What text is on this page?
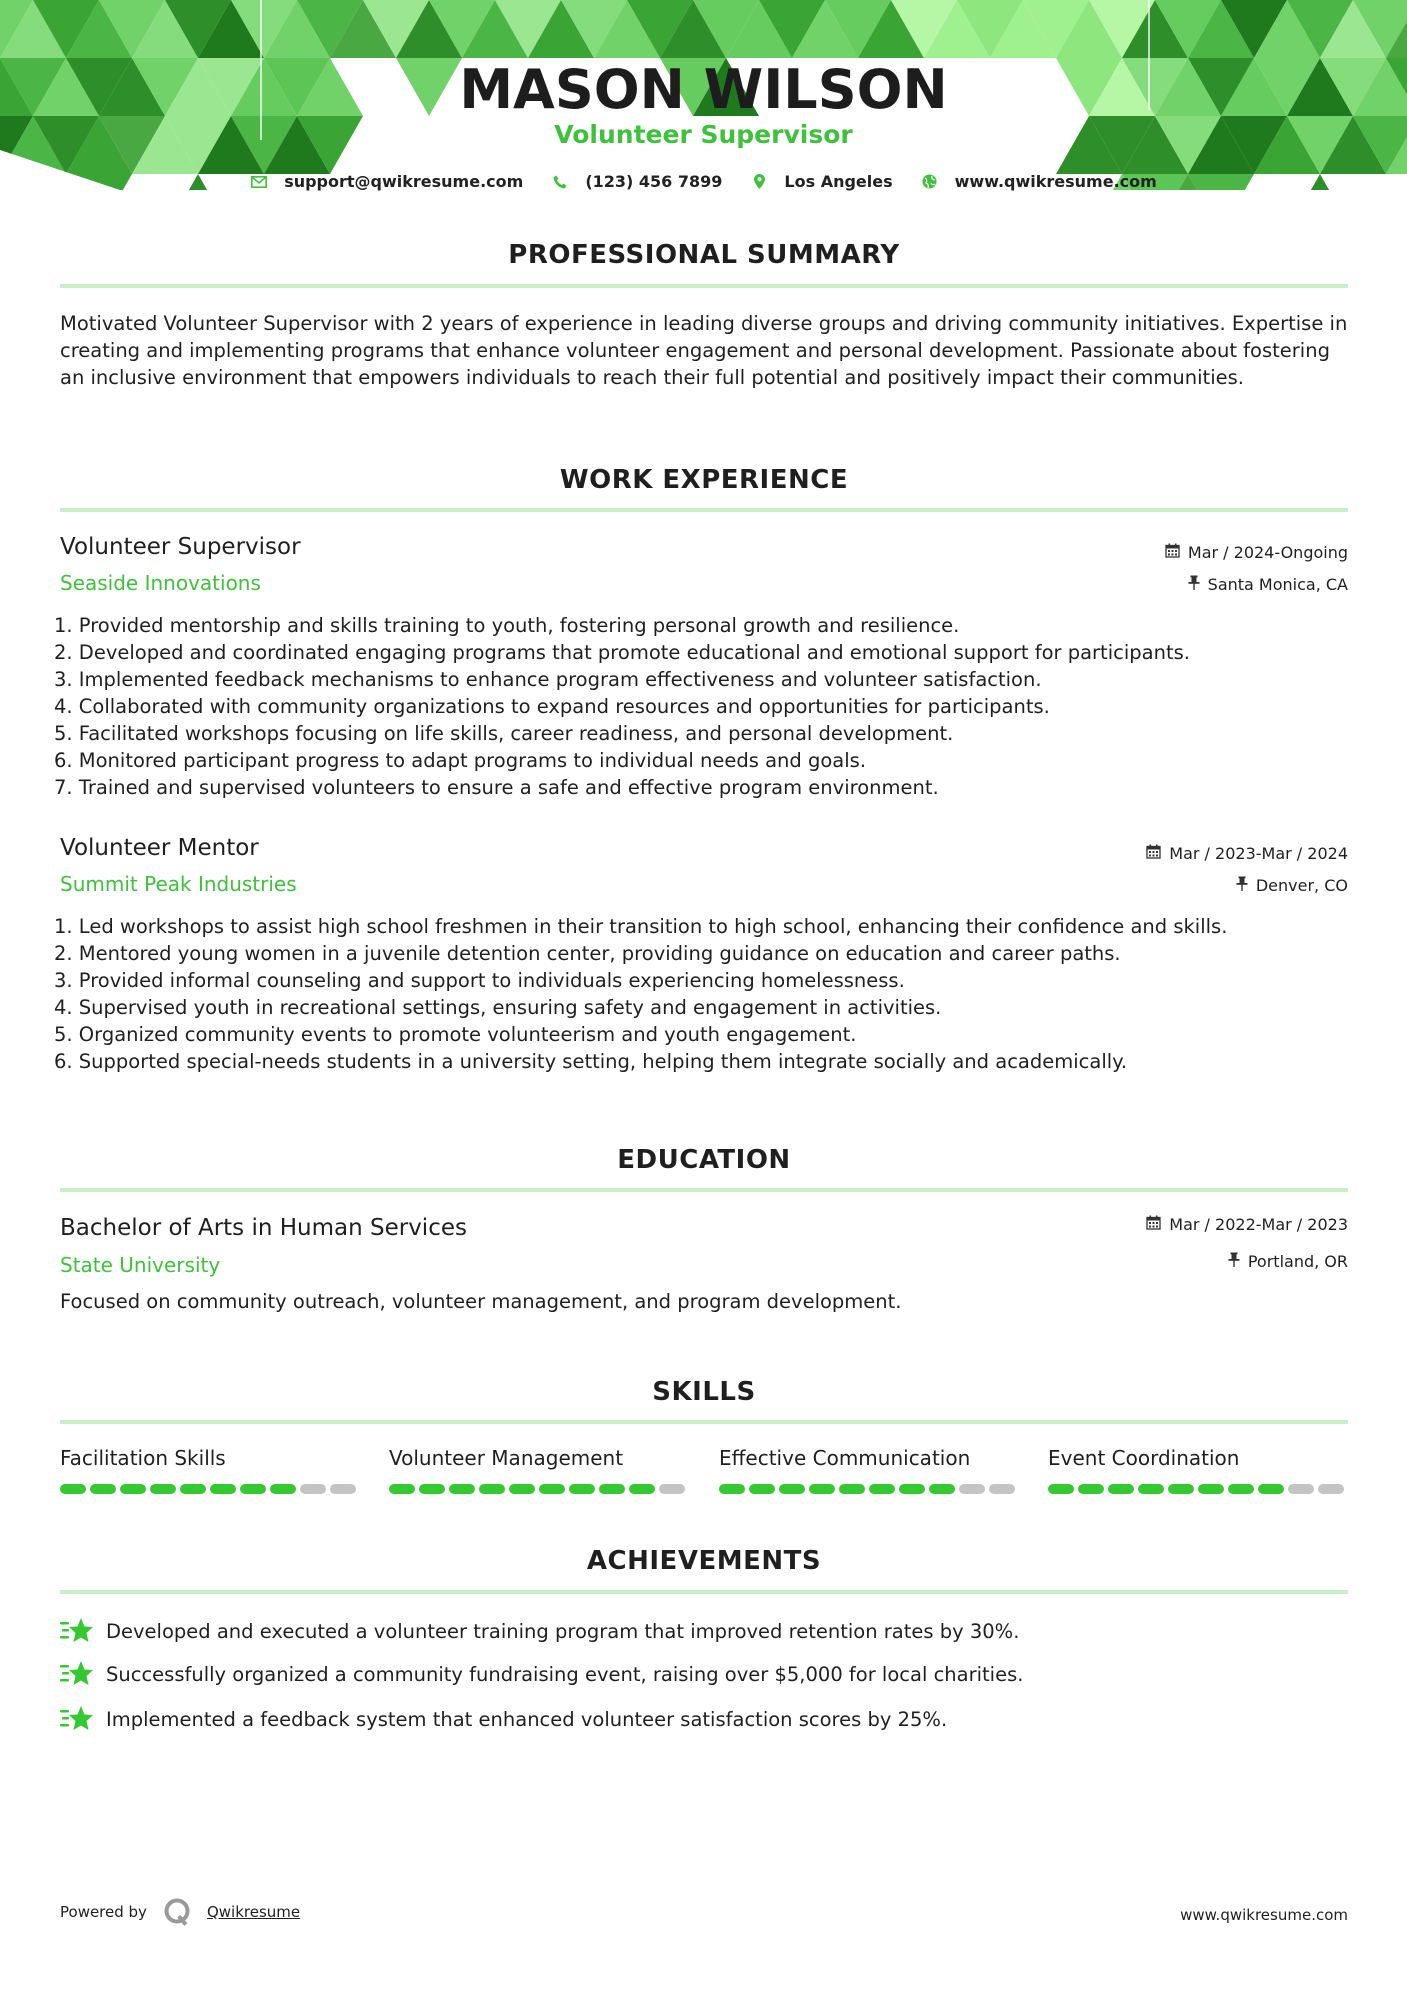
MASON WILSON
Volunteer Supervisor
support@qwikresume.com	(123) 456 7899	Los Angeles	www.qwikresume.com
PROFESSIONAL SUMMARY
Motivated Volunteer Supervisor with 2 years of experience in leading diverse groups and driving community initiatives. Expertise in creating and implementing programs that enhance volunteer engagement and personal development. Passionate about fostering an inclusive environment that empowers individuals to reach their full potential and positively impact their communities.
WORK EXPERIENCE
Volunteer Supervisor	Mar / 2024-Ongoing
Seaside Innovations	Santa Monica, CA
1. Provided mentorship and skills training to youth, fostering personal growth and resilience.
2. Developed and coordinated engaging programs that promote educational and emotional support for participants.
3. Implemented feedback mechanisms to enhance program effectiveness and volunteer satisfaction.
4. Collaborated with community organizations to expand resources and opportunities for participants.
5. Facilitated workshops focusing on life skills, career readiness, and personal development.
6. Monitored participant progress to adapt programs to individual needs and goals.
7. Trained and supervised volunteers to ensure a safe and effective program environment.
Volunteer Mentor	Mar / 2023-Mar / 2024
Summit Peak Industries	Denver, CO
1. Led workshops to assist high school freshmen in their transition to high school, enhancing their confidence and skills.
2. Mentored young women in a juvenile detention center, providing guidance on education and career paths.
3. Provided informal counseling and support to individuals experiencing homelessness.
4. Supervised youth in recreational settings, ensuring safety and engagement in activities.
5. Organized community events to promote volunteerism and youth engagement.
6. Supported special-needs students in a university setting, helping them integrate socially and academically.
EDUCATION
Bachelor of Arts in Human Services	Mar / 2022-Mar / 2023
State University	Portland, OR
Focused on community outreach, volunteer management, and program development.
SKILLS
Facilitation Skills	Volunteer Management	Effective Communication	Event Coordination
ACHIEVEMENTS
Developed and executed a volunteer training program that improved retention rates by 30%.
Successfully organized a community fundraising event, raising over $5,000 for local charities.
Implemented a feedback system that enhanced volunteer satisfaction scores by 25%.
Powered by	Qwikresume	www.qwikresume.com
